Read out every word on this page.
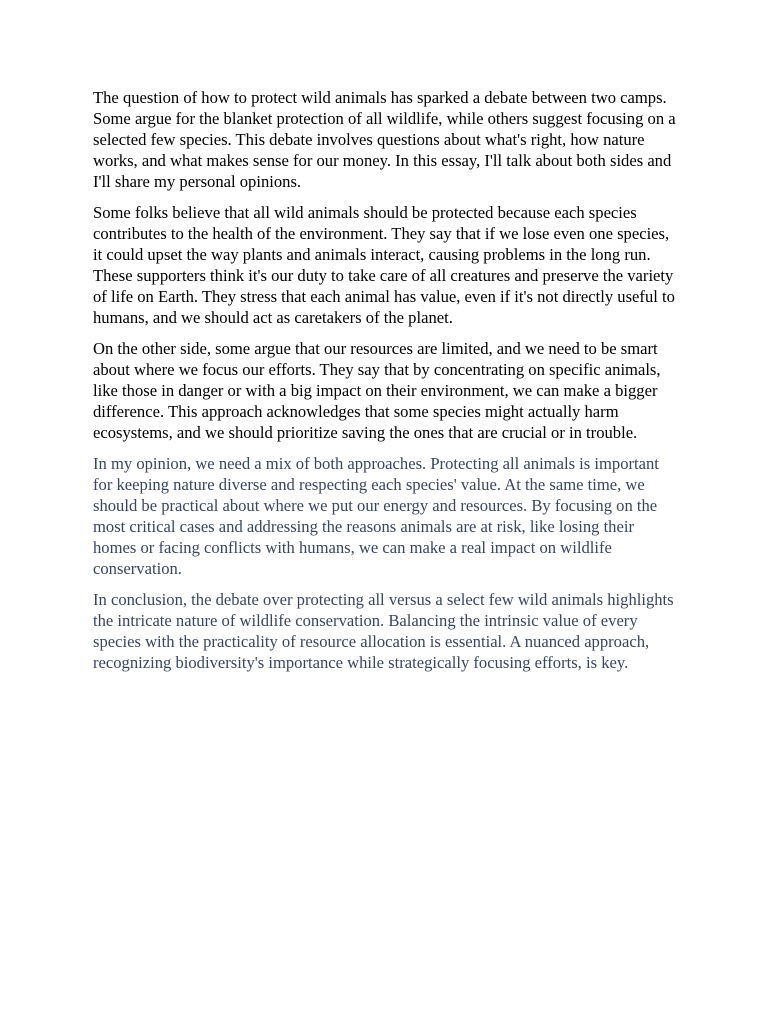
The question of how to protect wild animals has sparked a debate between two camps. Some argue for the blanket protection of all wildlife, while others suggest focusing on a selected few species. This debate involves questions about what's right, how nature works, and what makes sense for our money. In this essay, I'll talk about both sides and I'll share my personal opinions.

Some folks believe that all wild animals should be protected because each species contributes to the health of the environment. They say that if we lose even one species, it could upset the way plants and animals interact, causing problems in the long run. These supporters think it's our duty to take care of all creatures and preserve the variety of life on Earth. They stress that each animal has value, even if it's not directly useful to humans, and we should act as caretakers of the planet.

On the other side, some argue that our resources are limited, and we need to be smart about where we focus our efforts. They say that by concentrating on specific animals, like those in danger or with a big impact on their environment, we can make a bigger difference. This approach acknowledges that some species might actually harm ecosystems, and we should prioritize saving the ones that are crucial or in trouble.

In my opinion, we need a mix of both approaches. Protecting all animals is important for keeping nature diverse and respecting each species' value. At the same time, we should be practical about where we put our energy and resources. By focusing on the most critical cases and addressing the reasons animals are at risk, like losing their homes or facing conflicts with humans, we can make a real impact on wildlife conservation.

In conclusion, the debate over protecting all versus a select few wild animals highlights the intricate nature of wildlife conservation. Balancing the intrinsic value of every species with the practicality of resource allocation is essential. A nuanced approach, recognizing biodiversity's importance while strategically focusing efforts, is key.
